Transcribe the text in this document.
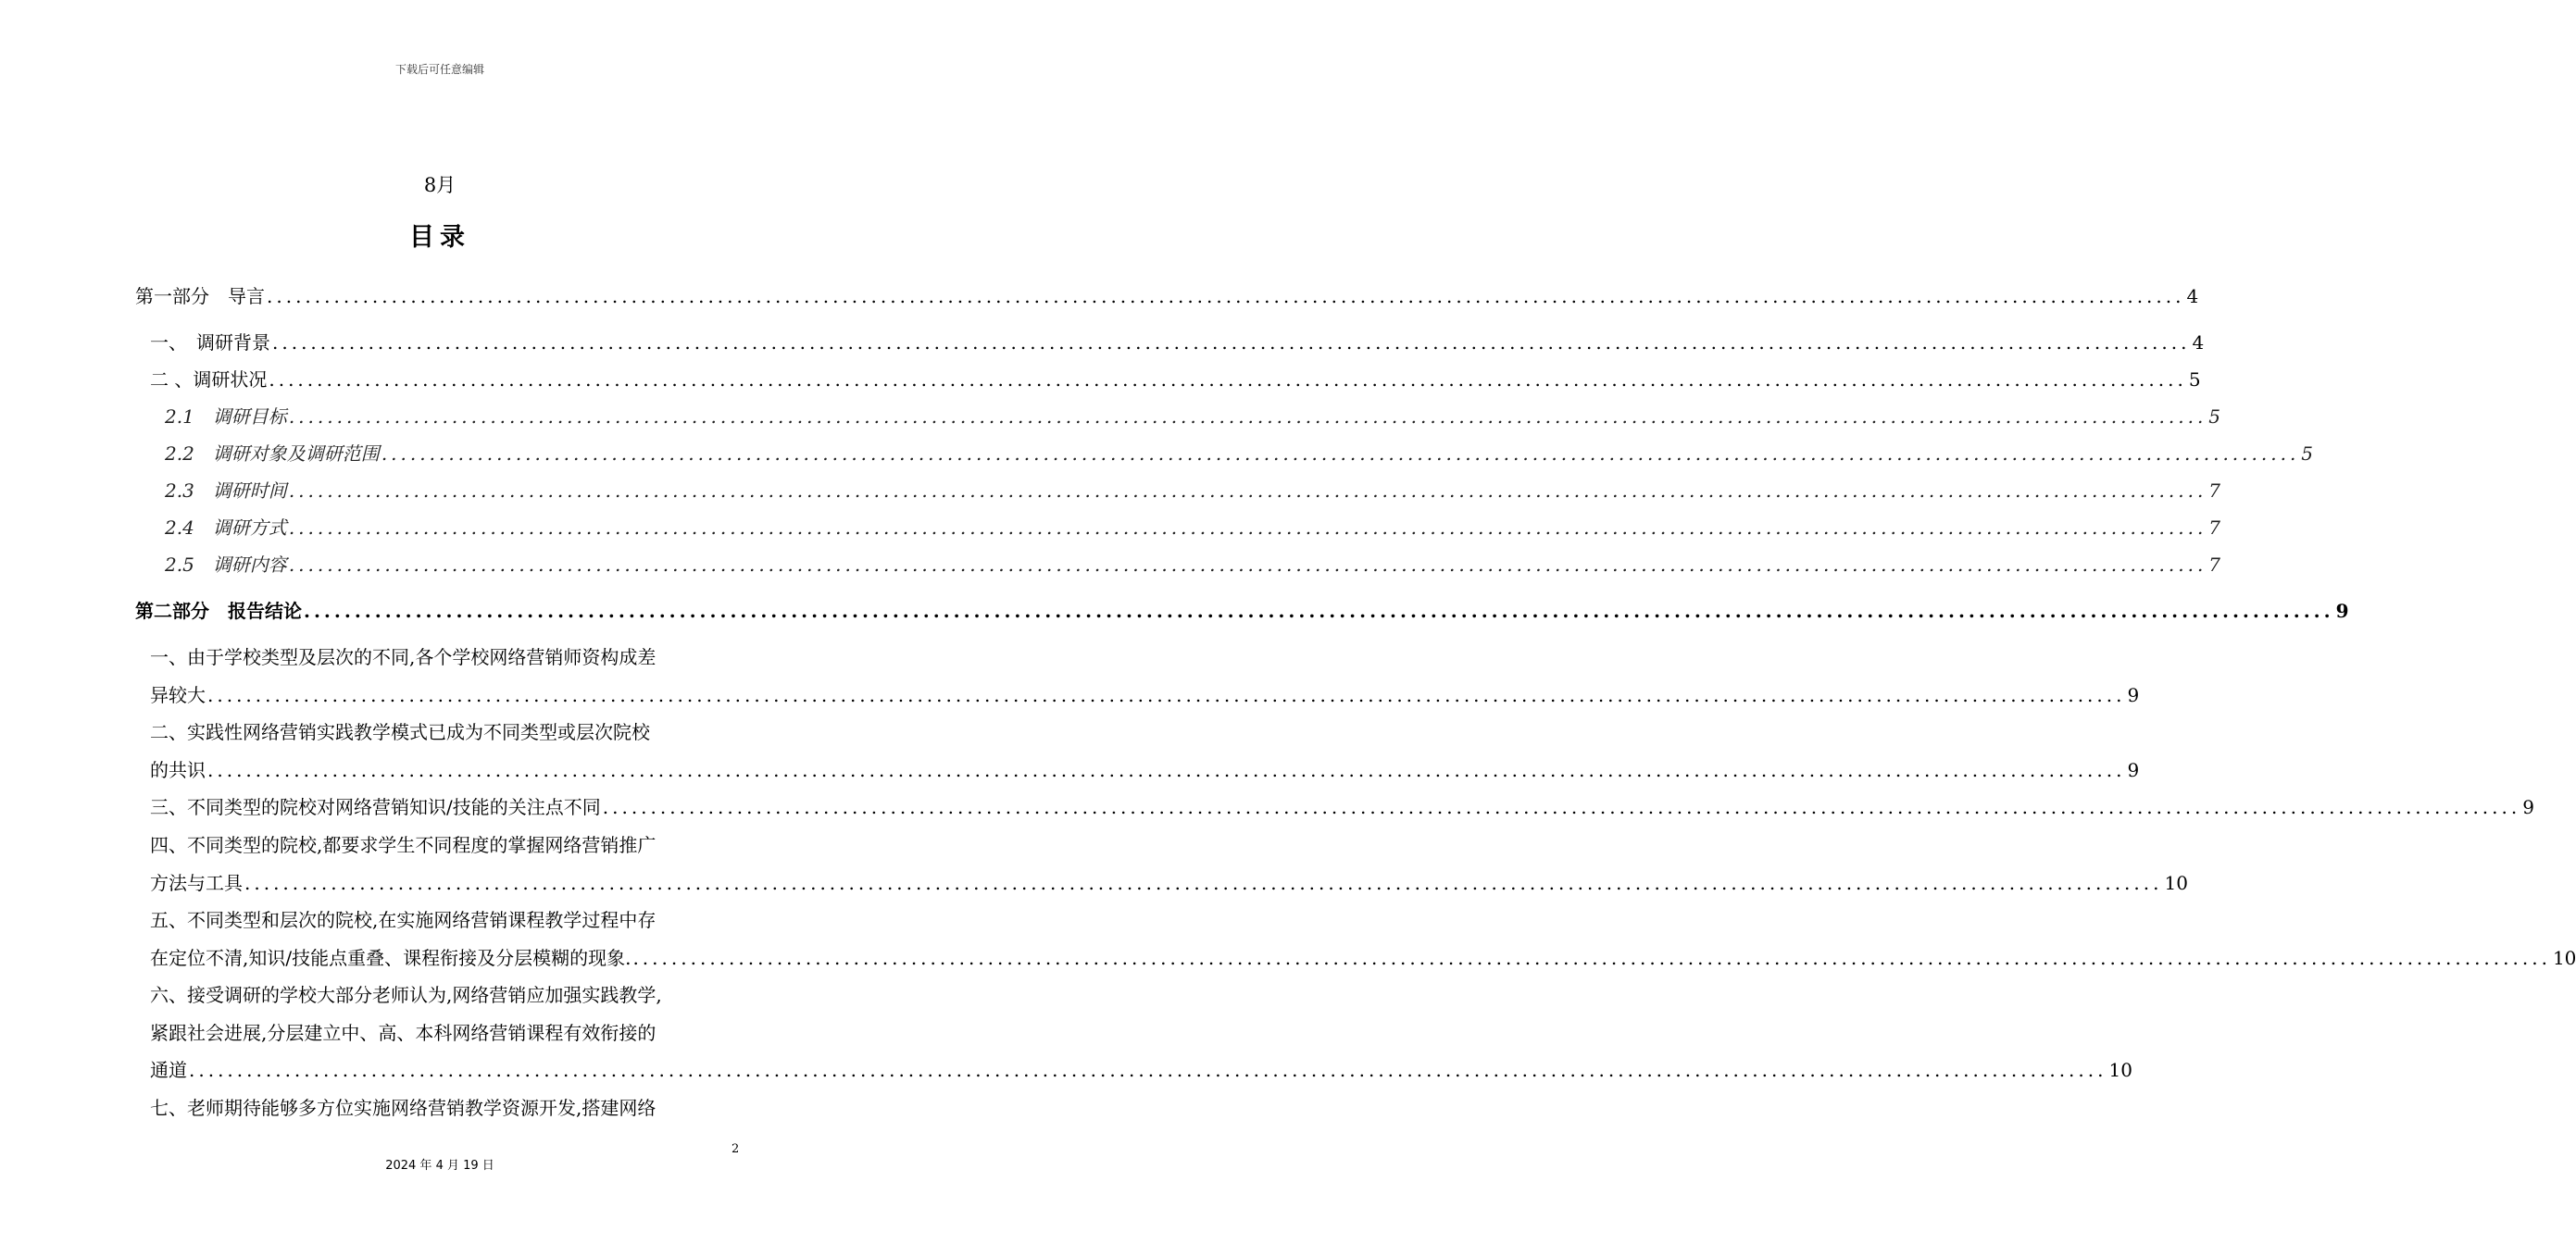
下载后可任意编辑
8月
目录
第一部分　导言 ........................................................................................................................................................................................................ 4
一、　调研背景 ........................................................................................................................................................................................................ 4
二 、调研状况 ........................................................................................................................................................................................................ 5
2.1　调研目标 ........................................................................................................................................................................................................ 5
2.2　调研对象及调研范围 ........................................................................................................................................................................................................ 5
2.3　调研时间 ........................................................................................................................................................................................................ 7
2.4　调研方式 ........................................................................................................................................................................................................ 7
2.5　调研内容 ........................................................................................................................................................................................................ 7
第二部分　报告结论 ........................................................................................................................................................................................................ 9
一、由于学校类型及层次的不同,各个学校网络营销师资构成差
异较大 ........................................................................................................................................................................................................ 9
二、实践性网络营销实践教学模式已成为不同类型或层次院校
的共识 ........................................................................................................................................................................................................ 9
三、不同类型的院校对网络营销知识/技能的关注点不同 ........................................................................................................................................................................................................ 9
四、不同类型的院校,都要求学生不同程度的掌握网络营销推广
方法与工具 ........................................................................................................................................................................................................ 10
五、不同类型和层次的院校,在实施网络营销课程教学过程中存
在定位不清,知识/技能点重叠、课程衔接及分层模糊的现象. ........................................................................................................................................................................................................ 10
六、接受调研的学校大部分老师认为,网络营销应加强实践教学,
紧跟社会进展,分层建立中、高、本科网络营销课程有效衔接的
通道 ........................................................................................................................................................................................................ 10
七、老师期待能够多方位实施网络营销教学资源开发,搭建网络
2
2024 年 4 月 19 日
